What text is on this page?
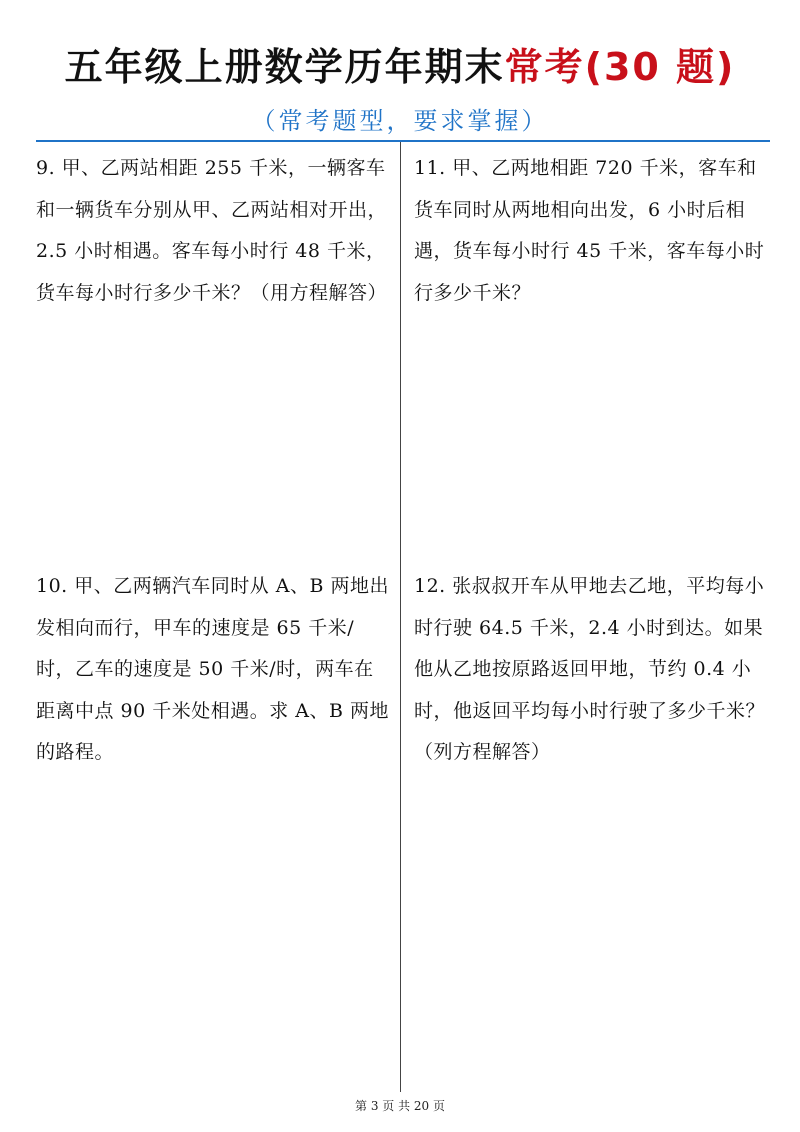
五年级上册数学历年期末常考(30 题)
（常考题型，要求掌握）
9. 甲、乙两站相距 255 千米，一辆客车和一辆货车分别从甲、乙两站相对开出，2.5 小时相遇。客车每小时行 48 千米，货车每小时行多少千米？（用方程解答）
11. 甲、乙两地相距 720 千米，客车和货车同时从两地相向出发，6 小时后相遇，货车每小时行 45 千米，客车每小时行多少千米？
10. 甲、乙两辆汽车同时从 A、B 两地出发相向而行，甲车的速度是 65 千米/时，乙车的速度是 50 千米/时，两车在距离中点 90 千米处相遇。求 A、B 两地的路程。
12. 张叔叔开车从甲地去乙地，平均每小时行驶 64.5 千米，2.4 小时到达。如果他从乙地按原路返回甲地，节约 0.4 小时，他返回平均每小时行驶了多少千米？（列方程解答）
第 3 页 共 20 页
